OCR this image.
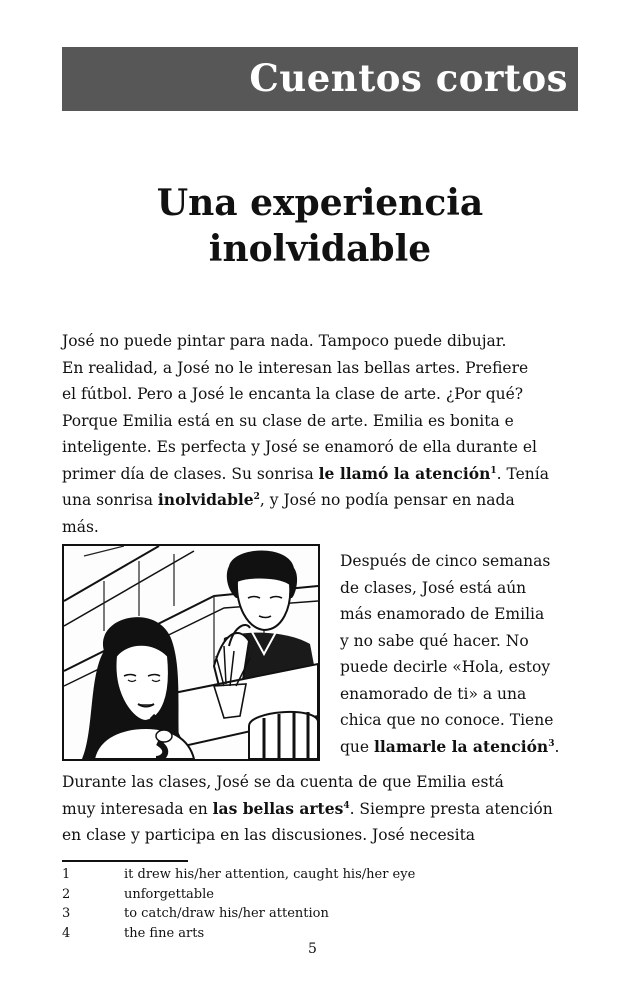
Cuentos cortos
Una experiencia
inolvidable

José no puede pintar para nada. Tampoco puede dibujar.
En realidad, a José no le interesan las bellas artes. Prefiere
el fútbol. Pero a José le encanta la clase de arte. ¿Por qué?
Porque Emilia está en su clase de arte. Emilia es bonita e
inteligente. Es perfecta y José se enamoró de ella durante el
primer día de clases. Su sonrisa le llamó la atención$^1$. Tenía
una sonrisa inolvidable$^2$, y José no podía pensar en nada
más.

Después de cinco semanas
de clases, José está aún
más enamorado de Emilia
y no sabe qué hacer. No
puede decirle «Hola, estoy
enamorado de ti» a una
chica que no conoce. Tiene
que llamarle la atención$^3$.

Durante las clases, José se da cuenta de que Emilia está
muy interesada en las bellas artes$^4$. Siempre presta atención
en clase y participa en las discusiones. José necesita

1	it drew his/her attention, caught his/her eye
2	unforgettable
3	to catch/draw his/her attention
4	the fine arts
5
